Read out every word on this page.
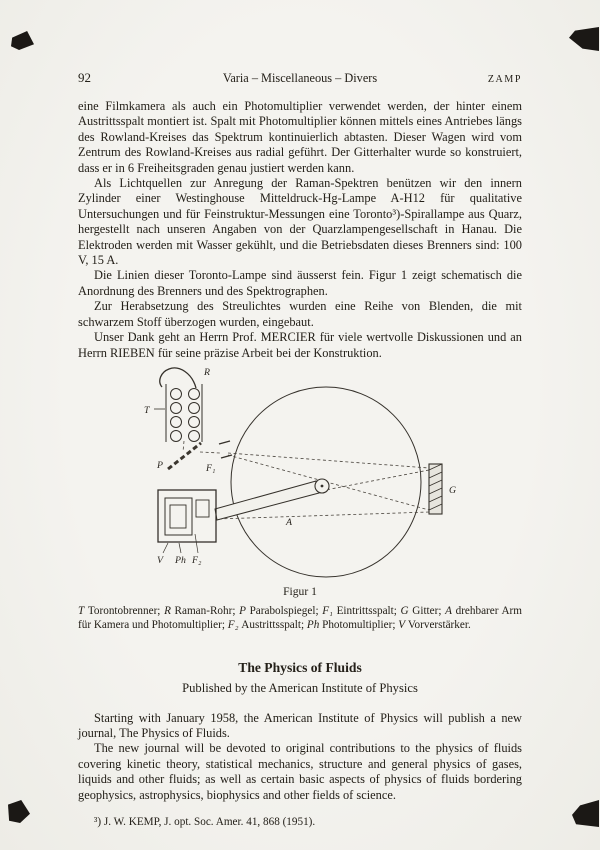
92	Varia – Miscellaneous – Divers	ZAMP

eine Filmkamera als auch ein Photomultiplier verwendet werden, der hinter einem Austrittsspalt montiert ist. Spalt mit Photomultiplier können mittels eines Antriebes längs des Rowland-Kreises das Spektrum kontinuierlich abtasten. Dieser Wagen wird vom Zentrum des Rowland-Kreises aus radial geführt. Der Gitterhalter wurde so konstruiert, dass er in 6 Freiheitsgraden genau justiert werden kann.

Als Lichtquellen zur Anregung der Raman-Spektren benützen wir den innern Zylinder einer Westinghouse Mitteldruck-Hg-Lampe A-H12 für qualitative Untersuchungen und für Feinstruktur-Messungen eine Toronto³)-Spirallampe aus Quarz, hergestellt nach unseren Angaben von der Quarzlampengesellschaft in Hanau. Die Elektroden werden mit Wasser gekühlt, und die Betriebsdaten dieses Brenners sind: 100 V, 15 A.

Die Linien dieser Toronto-Lampe sind äusserst fein. Figur 1 zeigt schematisch die Anordnung des Brenners und des Spektrographen.

Zur Herabsetzung des Streulichtes wurden eine Reihe von Blenden, die mit schwarzem Stoff überzogen wurden, eingebaut.

Unser Dank geht an Herrn Prof. MERCIER für viele wertvolle Diskussionen und an Herrn RIEBEN für seine präzise Arbeit bei der Konstruktion.

T
R
P	F₁
G
A
V Ph F₂
Figur 1

T Torontobrenner; R Raman-Rohr; P Parabolspiegel; F₁ Eintrittsspalt; G Gitter; A drehbarer Arm für Kamera und Photomultiplier; F₂ Austrittsspalt; Ph Photomultiplier; V Vorverstärker.

The Physics of Fluids
Published by the American Institute of Physics

Starting with January 1958, the American Institute of Physics will publish a new journal, The Physics of Fluids.

The new journal will be devoted to original contributions to the physics of fluids covering kinetic theory, statistical mechanics, structure and general physics of gases, liquids and other fluids; as well as certain basic aspects of physics of fluids bordering geophysics, astrophysics, biophysics and other fields of science.

³) J. W. KEMP, J. opt. Soc. Amer. 41, 868 (1951).
